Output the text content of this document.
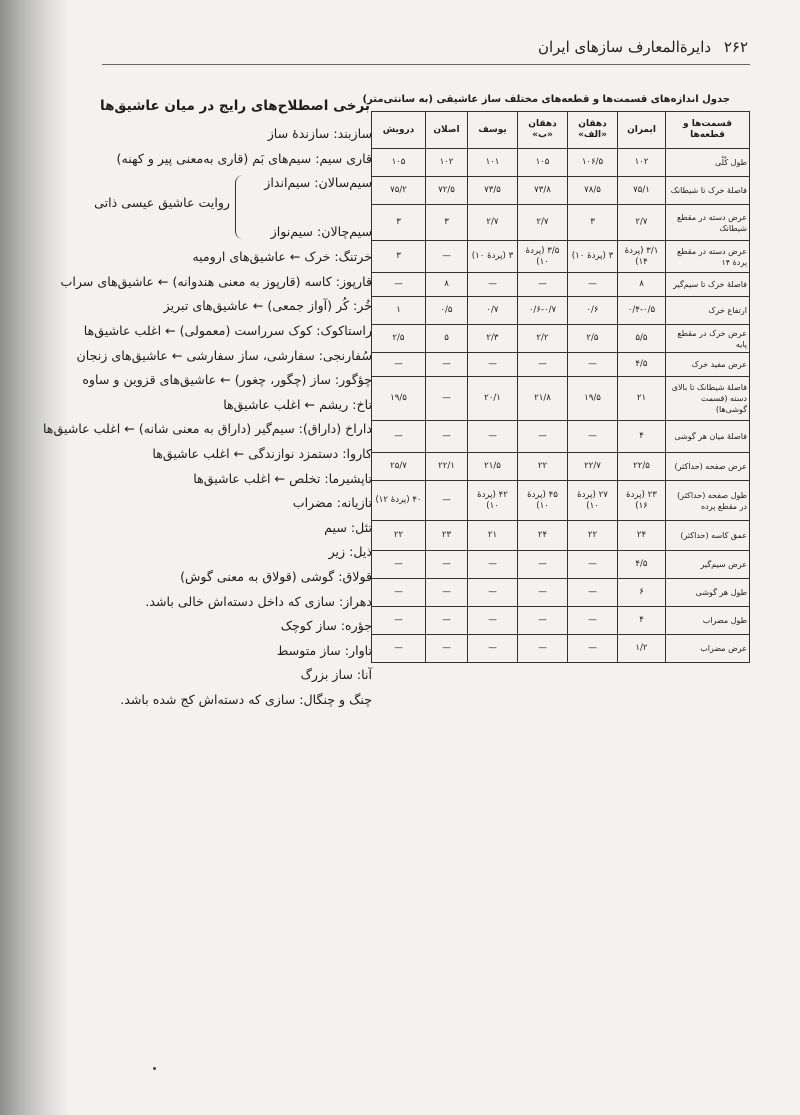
۲۶۲ دایرة‌المعارف سازهای ایران
برخی اصطلاح‌های رایج در میان عاشیق‌ها
سازبند: سازندهٔ ساز
قاری سیم: سیم‌های بَم (قاری به‌معنی پیر و کهنه)
سیم‌سالان: سیم‌انداز
سیم‌چالان: سیم‌نواز
روایت عاشیق عیسی ذاتی
خرتنگ: خرک ← عاشیق‌های ارومیه
قارپوز: کاسه (قارپوز به معنی هندوانه) ← عاشیق‌های سراب
خُر: کُر (آواز جمعی) ← عاشیق‌های تبریز
راستاکوک: کوک سرراست (معمولی) ← اغلب عاشیق‌ها
سُفارنجی: سفارشی، ساز سفارشی ← عاشیق‌های زنجان
چؤگور: ساز (چگور، چغور) ← عاشیق‌های قزوین و ساوه
تاخ: ریشم ← اغلب عاشیق‌ها
داراخ (داراق): سیم‌گیر (داراق به معنی شانه) ← اغلب عاشیق‌ها
کاروا: دستمزد نوازندگی ← اغلب عاشیق‌ها
تاپشیرما: تخلص ← اغلب عاشیق‌ها
تازیانه: مضراب
تئل: سیم
ذیل: زیر
قولاق: گوشی (قولاق به معنی گوش)
دهراز: سازی که داخل دسته‌اش خالی باشد.
جؤره: ساز کوچک
تاوار: ساز متوسط
آنا: ساز بزرگ
چنگ و چنگال: سازی که دسته‌اش کج شده باشد.
جدول اندازه‌های قسمت‌ها و قطعه‌های مختلف ساز عاشیقی (به سانتی‌متر)
قسمت‌ها و قطعه‌ها	ایمران	دهقان «الف»	دهقان «ب»	یوسف	اصلان	درویش
طول کُلّی	۱۰۲	۱۰۶/۵	۱۰۵	۱۰۱	۱۰۲	۱۰۵
فاصلهٔ خرک تا شیطانک	۷۵/۱	۷۸/۵	۷۳/۸	۷۳/۵	۷۲/۵	۷۵/۲
عرض دسته در مقطع شیطانک	۲/۷	۳	۲/۷	۲/۷	۳	۳
عرض دسته در مقطع پردهٔ ۱۴	۳/۱ (پردهٔ ۱۴)	۳ (پردهٔ ۱۰)	۳/۵ (پردهٔ ۱۰)	۳ (پردهٔ ۱۰)	—	۳
فاصلهٔ خرک تا سیم‌گیر	۸	—	—	—	۸	—
ارتفاع خرک	۰/۴-۰/۵	۰/۶	۰/۶-۰/۷	۰/۷	۰/۵	۱
عرض خرک در مقطع پایه	۵/۵	۲/۵	۲/۲	۲/۳	۵	۲/۵
عرض مفید خرک	۴/۵	—	—	—	—	—
فاصلهٔ شیطانک تا بالای دسته (قسمت گوشی‌ها)	۲۱	۱۹/۵	۲۱/۸	۲۰/۱	—	۱۹/۵
فاصلهٔ میان هر گوشی	۴	—	—	—	—	—
عرض صفحه (حداکثر)	۲۲/۵	۲۲/۷	۲۲	۲۱/۵	۲۲/۱	۲۵/۷
طول صفحه (حداکثر) در مقطع پرده	۲۳ (پردهٔ ۱۶)	۲۷ (پردهٔ ۱۰)	۴۵ (پردهٔ ۱۰)	۴۲ (پردهٔ ۱۰)	—	۴۰ (پردهٔ ۱۲)
عمق کاسه (حداکثر)	۲۴	۲۲	۲۴	۲۱	۲۳	۲۲
عرض سیم‌گیر	۴/۵	—	—	—	—	—
طول هر گوشی	۶	—	—	—	—	—
طول مضراب	۴	—	—	—	—	—
عرض مضراب	۱/۲	—	—	—	—	—
